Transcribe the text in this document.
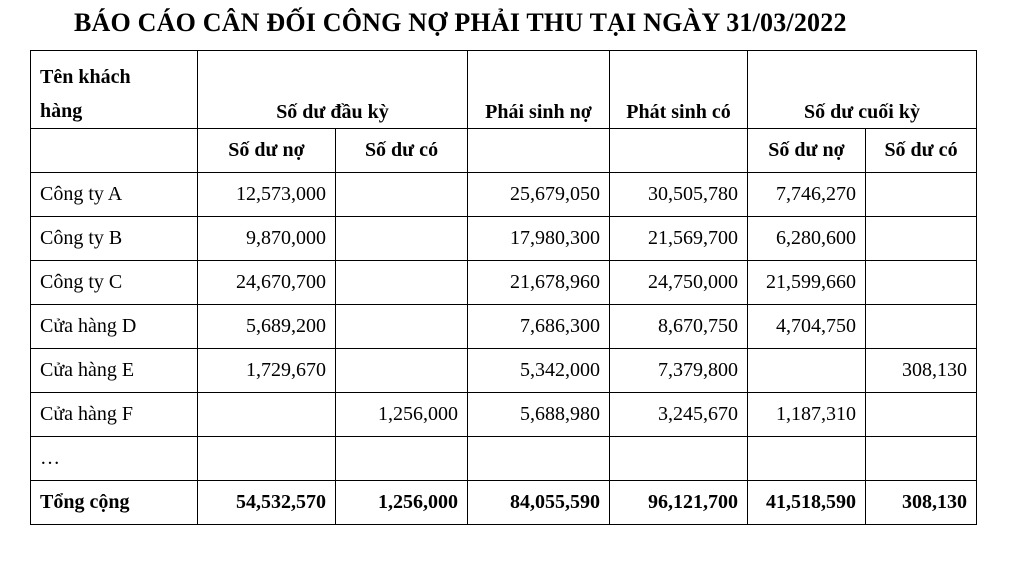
BÁO CÁO CÂN ĐỐI CÔNG NỢ PHẢI THU TẠI NGÀY 31/03/2022
Tên khách
hàng	Số dư đầu kỳ		Phái sinh nợ	Phát sinh có	Số dư cuối kỳ	
	Số dư nợ	Số dư có			Số dư nợ	Số dư có
Công ty A	12,573,000		25,679,050	30,505,780	7,746,270	
Công ty B	9,870,000		17,980,300	21,569,700	6,280,600	
Công ty C	24,670,700		21,678,960	24,750,000	21,599,660	
Cửa hàng D	5,689,200		7,686,300	8,670,750	4,704,750	
Cửa hàng E	1,729,670		5,342,000	7,379,800		308,130
Cửa hàng F		1,256,000	5,688,980	3,245,670	1,187,310	
…						
Tổng cộng	54,532,570	1,256,000	84,055,590	96,121,700	41,518,590	308,130
